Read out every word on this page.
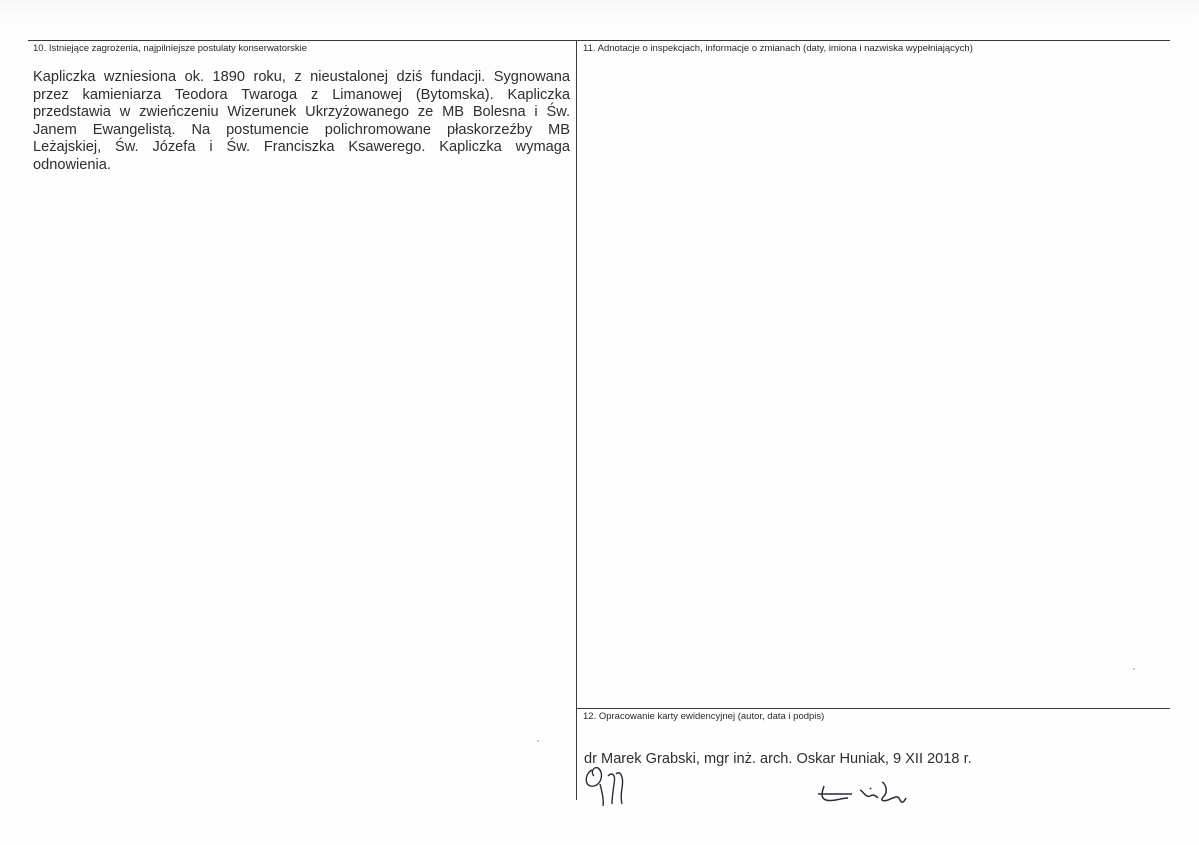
10. Istniejące zagrożenia, najpilniejsze postulaty konserwatorskie
Kapliczka wzniesiona ok. 1890 roku, z nieustalonej dziś fundacji. Sygnowana przez kamieniarza Teodora Twaroga z Limanowej (Bytomska). Kapliczka przedstawia w zwieńczeniu Wizerunek Ukrzyżowanego ze MB Bolesna i Św. Janem Ewangelistą. Na postumencie polichromowane płaskorzeźby MB Leżajskiej, Św. Józefa i Św. Franciszka Ksawerego. Kapliczka wymaga odnowienia.
11. Adnotacje o inspekcjach, informacje o zmianach (daty, imiona i nazwiska wypełniających)
12. Opracowanie karty ewidencyjnej (autor, data i podpis)
dr Marek Grabski, mgr inż. arch. Oskar Huniak, 9 XII 2018 r.
